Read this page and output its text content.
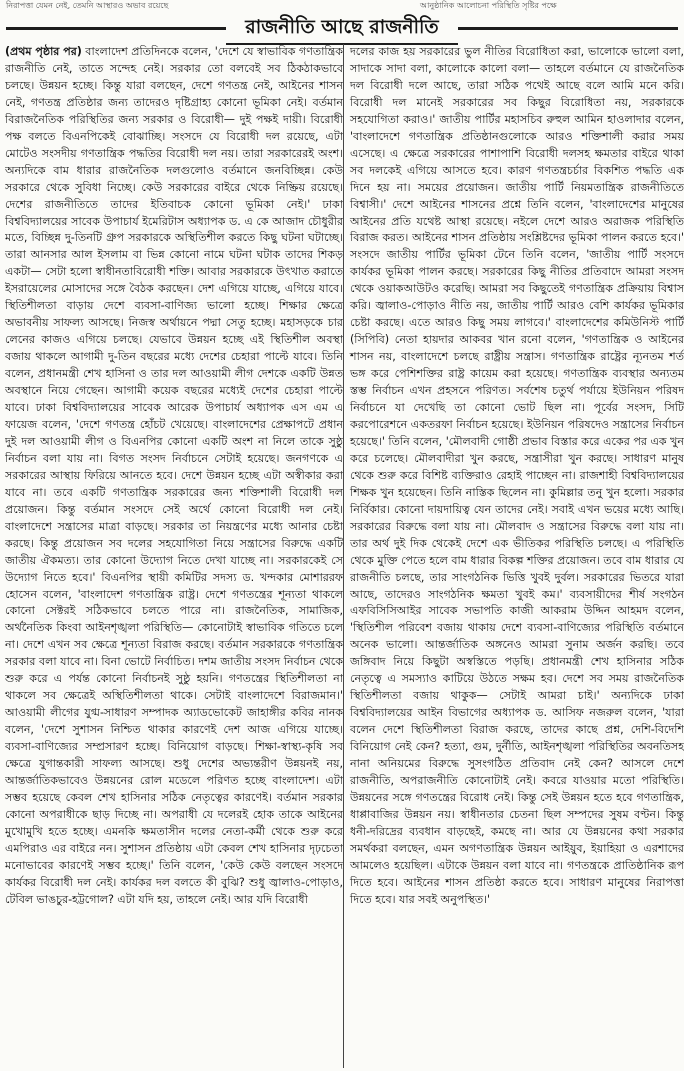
নিরাপত্তা যেমন নেই, তেমনি আস্থারও অভাব রয়েছে	আনুষ্ঠানিক আলোচনা পরিস্থিতি সৃষ্টির পক্ষে
রাজনীতি আছে রাজনীতি

(প্রথম পৃষ্ঠার পর) বাংলাদেশ প্রতিদিনকে বলেন, 'দেশে যে স্বাভাবিক গণতান্ত্রিক রাজনীতি নেই, তাতে সন্দেহ নেই। সরকার তো বলবেই সব ঠিকঠাকভাবে চলছে। উন্নয়ন হচ্ছে। কিন্তু যারা বলছেন, দেশে গণতন্ত্র নেই, আইনের শাসন নেই, গণতন্ত্র প্রতিষ্ঠার জন্য তাদেরও দৃষ্টিগ্রাহ্য কোনো ভূমিকা নেই। বর্তমান বিরাজনৈতিক পরিস্থিতির জন্য সরকার ও বিরোধী— দুই পক্ষই দায়ী। বিরোধী পক্ষ বলতে বিএনপিকেই বোঝাচ্ছি। সংসদে যে বিরোধী দল রয়েছে, এটা মোটেও সংসদীয় গণতান্ত্রিক পদ্ধতির বিরোধী দল নয়। তারা সরকারেরই অংশ। অন্যদিকে বাম ধারার রাজনৈতিক দলগুলোও বর্তমানে জনবিচ্ছিন্ন। কেউ সরকারে থেকে সুবিধা নিচ্ছে। কেউ সরকারের বাইরে থেকে নিষ্ক্রিয় রয়েছে। দেশের রাজনীতিতে তাদের ইতিবাচক কোনো ভূমিকা নেই।' ঢাকা বিশ্ববিদ্যালয়ের সাবেক উপাচার্য ইমেরিটাস অধ্যাপক ড. এ কে আজাদ চৌধুরীর মতে, বিচ্ছিন্ন দু-তিনটি গ্রুপ সরকারকে অস্থিতিশীল করতে কিছু ঘটনা ঘটাচ্ছে। তারা আনসার আল ইসলাম বা ভিন্ন কোনো নামে ঘটনা ঘটাক তাদের শিকড় একটা— সেটা হলো স্বাধীনতাবিরোধী শক্তি। আবার সরকারকে উৎখাত করাতে ইসরায়েলের মোসাদের সঙ্গে বৈঠক করছেন। দেশ এগিয়ে যাচ্ছে, এগিয়ে যাবে। স্থিতিশীলতা বাড়ায় দেশে ব্যবসা-বাণিজ্য ভালো হচ্ছে। শিক্ষার ক্ষেত্রে অভাবনীয় সাফল্য আসছে। নিজস্ব অর্থায়নে পদ্মা সেতু হচ্ছে। মহাসড়কে চার লেনের কাজও এগিয়ে চলছে। যেভাবে উন্নয়ন হচ্ছে এই স্থিতিশীল অবস্থা বজায় থাকলে আগামী দু-তিন বছরের মধ্যে দেশের চেহারা পাল্টে যাবে। তিনি বলেন, প্রধানমন্ত্রী শেখ হাসিনা ও তার দল আওয়ামী লীগ দেশকে একটি উন্নত অবস্থানে নিয়ে গেছেন। আগামী কয়েক বছরের মধ্যেই দেশের চেহারা পাল্টে যাবে। ঢাকা বিশ্ববিদ্যালয়ের সাবেক আরেক উপাচার্য অধ্যাপক এস এম এ ফায়েজ বলেন, 'দেশে গণতন্ত্র হোঁচট খেয়েছে। বাংলাদেশের প্রেক্ষাপটে প্রধান দুই দল আওয়ামী লীগ ও বিএনপির কোনো একটি অংশ না নিলে তাকে সুষ্ঠু নির্বাচন বলা যায় না। বিগত সংসদ নির্বাচনে সেটাই হয়েছে। জনগণকে এ সরকারের আস্থায় ফিরিয়ে আনতে হবে। দেশে উন্নয়ন হচ্ছে এটা অস্বীকার করা যাবে না। তবে একটি গণতান্ত্রিক সরকারের জন্য শক্তিশালী বিরোধী দল প্রয়োজন। কিন্তু বর্তমান সংসদে সেই অর্থে কোনো বিরোধী দল নেই। বাংলাদেশে সন্ত্রাসের মাত্রা বাড়ছে। সরকার তা নিয়ন্ত্রণের মধ্যে আনার চেষ্টা করছে। কিন্তু প্রয়োজন সব দলের সহযোগিতা নিয়ে সন্ত্রাসের বিরুদ্ধে একটি জাতীয় ঐকমত্য। তার কোনো উদ্যোগ নিতে দেখা যাচ্ছে না। সরকারকেই সে উদ্যোগ নিতে হবে।' বিএনপির স্থায়ী কমিটির সদস্য ড. খন্দকার মোশাররফ হোসেন বলেন, 'বাংলাদেশ গণতান্ত্রিক রাষ্ট্র। দেশে গণতন্ত্রের শূন্যতা থাকলে কোনো সেক্টরই সঠিকভাবে চলতে পারে না। রাজনৈতিক, সামাজিক, অর্থনৈতিক কিংবা আইনশৃঙ্খলা পরিস্থিতি— কোনোটাই স্বাভাবিক গতিতে চলে না। দেশে এখন সব ক্ষেত্রে শূন্যতা বিরাজ করছে। বর্তমান সরকারকে গণতান্ত্রিক সরকার বলা যাবে না। বিনা ভোটে নির্বাচিত। দশম জাতীয় সংসদ নির্বাচন থেকে শুরু করে এ পর্যন্ত কোনো নির্বাচনই সুষ্ঠু হয়নি। গণতন্ত্রের স্থিতিশীলতা না থাকলে সব ক্ষেত্রেই অস্থিতিশীলতা থাকে। সেটাই বাংলাদেশে বিরাজমান।' আওয়ামী লীগের যুগ্ম-সাধারণ সম্পাদক অ্যাডভোকেট জাহাঙ্গীর কবির নানক বলেন, 'দেশে সুশাসন নিশ্চিত থাকার কারণেই দেশ আজ এগিয়ে যাচ্ছে। ব্যবসা-বাণিজ্যের সম্প্রসারণ হচ্ছে। বিনিয়োগ বাড়ছে। শিক্ষা-স্বাস্থ্য-কৃষি সব ক্ষেত্রে যুগান্তকারী সাফল্য আসছে। শুধু দেশের অভ্যন্তরীণ উন্নয়নই নয়, আন্তর্জাতিকভাবেও উন্নয়নের রোল মডেলে পরিণত হচ্ছে বাংলাদেশ। এটা সম্ভব হয়েছে কেবল শেখ হাসিনার সঠিক নেতৃত্বের কারণেই। বর্তমান সরকার কোনো অপরাধীকে ছাড় দিচ্ছে না। অপরাধী যে দলেরই হোক তাকে আইনের মুখোমুখি হতে হচ্ছে। এমনকি ক্ষমতাসীন দলের নেতা-কর্মী থেকে শুরু করে এমপিরাও এর বাইরে নন। সুশাসন প্রতিষ্ঠায় এটা কেবল শেখ হাসিনার দৃঢ়চেতা মনোভাবের কারণেই সম্ভব হচ্ছে।' তিনি বলেন, 'কেউ কেউ বলছেন সংসদে কার্যকর বিরোধী দল নেই। কার্যকর দল বলতে কী বুঝি? শুধু জ্বালাও-পোড়াও, টেবিল ভাঙচুর-হট্টগোল? এটা যদি হয়, তাহলে নেই। আর যদি বিরোধী

দলের কাজ হয় সরকারের ভুল নীতির বিরোধিতা করা, ভালোকে ভালো বলা, সাদাকে সাদা বলা, কালোকে কালো বলা— তাহলে বর্তমানে যে রাজনৈতিক দল বিরোধী দলে আছে, তারা সঠিক পথেই আছে বলে আমি মনে করি। বিরোধী দল মানেই সরকারের সব কিছুর বিরোধিতা নয়, সরকারকে সহযোগিতা করাও।' জাতীয় পার্টির মহাসচিব রুহুল আমিন হাওলাদার বলেন, 'বাংলাদেশে গণতান্ত্রিক প্রতিষ্ঠানগুলোকে আরও শক্তিশালী করার সময় এসেছে। এ ক্ষেত্রে সরকারের পাশাপাশি বিরোধী দলসহ ক্ষমতার বাইরে থাকা সব দলকেই এগিয়ে আসতে হবে। কারণ গণতন্ত্রচর্চার বিকশিত পদ্ধতি এক দিনে হয় না। সময়ের প্রয়োজন। জাতীয় পার্টি নিয়মতান্ত্রিক রাজনীতিতে বিশ্বাসী।' দেশে আইনের শাসনের প্রশ্নে তিনি বলেন, 'বাংলাদেশের মানুষের আইনের প্রতি যথেষ্ট আস্থা রয়েছে। নইলে দেশে আরও অরাজক পরিস্থিতি বিরাজ করত। আইনের শাসন প্রতিষ্ঠায় সংশ্লিষ্টদের ভূমিকা পালন করতে হবে।' সংসদে জাতীয় পার্টির ভূমিকা টেনে তিনি বলেন, 'জাতীয় পার্টি সংসদে কার্যকর ভূমিকা পালন করছে। সরকারের কিছু নীতির প্রতিবাদে আমরা সংসদ থেকে ওয়াকআউটও করেছি। আমরা সব কিছুতেই গণতান্ত্রিক প্রক্রিয়ায় বিশ্বাস করি। জ্বালাও-পোড়াও নীতি নয়, জাতীয় পার্টি আরও বেশি কার্যকর ভূমিকার চেষ্টা করছে। এতে আরও কিছু সময় লাগবে।' বাংলাদেশের কমিউনিস্ট পার্টি (সিপিবি) নেতা হায়দার আকবর খান রনো বলেন, 'গণতান্ত্রিক ও আইনের শাসন নয়, বাংলাদেশে চলছে রাষ্ট্রীয় সন্ত্রাস। গণতান্ত্রিক রাষ্ট্রের ন্যূনতম শর্ত ভঙ্গ করে পেশিশক্তির রাষ্ট্র কায়েম করা হয়েছে। গণতান্ত্রিক ব্যবস্থার অন্যতম স্তম্ভ নির্বাচন এখন প্রহসনে পরিণত। সর্বশেষ চতুর্থ পর্যায়ে ইউনিয়ন পরিষদ নির্বাচনে যা দেখেছি তা কোনো ভোট ছিল না। পূর্বের সংসদ, সিটি করপোরেশনে একতরফা নির্বাচন হয়েছে। ইউনিয়ন পরিষদেও সন্ত্রাসের নির্বাচন হয়েছে।' তিনি বলেন, 'মৌলবাদী গোষ্ঠী প্রভাব বিস্তার করে একের পর এক খুন করে চলেছে। মৌলবাদীরা খুন করছে, সন্ত্রাসীরা খুন করছে। সাধারণ মানুষ থেকে শুরু করে বিশিষ্ট ব্যক্তিরাও রেহাই পাচ্ছেন না। রাজশাহী বিশ্ববিদ্যালয়ের শিক্ষক খুন হয়েছেন। তিনি নাস্তিক ছিলেন না। কুমিল্লার তনু খুন হলো। সরকার নির্বিকার। কোনো দায়দায়িত্ব যেন তাদের নেই। সবাই এখন ভয়ের মধ্যে আছি। সরকারের বিরুদ্ধে বলা যায় না। মৌলবাদ ও সন্ত্রাসের বিরুদ্ধে বলা যায় না। তার অর্থ দুই দিক থেকেই দেশে এক ভীতিকর পরিস্থিতি চলছে। এ পরিস্থিতি থেকে মুক্তি পেতে হলে বাম ধারার বিকল্প শক্তির প্রয়োজন। তবে বাম ধারার যে রাজনীতি চলছে, তার সাংগঠনিক ভিত্তি খুবই দুর্বল। সরকারের ভিতরে যারা আছে, তাদেরও সাংগঠনিক ক্ষমতা খুবই কম।' ব্যবসায়ীদের শীর্ষ সংগঠন এফবিসিসিআইর সাবেক সভাপতি কাজী আকরাম উদ্দিন আহমদ বলেন, 'স্থিতিশীল পরিবেশ বজায় থাকায় দেশে ব্যবসা-বাণিজ্যের পরিস্থিতি বর্তমানে অনেক ভালো। আন্তর্জাতিক অঙ্গনেও আমরা সুনাম অর্জন করছি। তবে জঙ্গিবাদ নিয়ে কিছুটা অস্বস্তিতে পড়ছি। প্রধানমন্ত্রী শেখ হাসিনার সঠিক নেতৃত্বে এ সমস্যাও কাটিয়ে উঠতে সক্ষম হব। দেশে সব সময় রাজনৈতিক স্থিতিশীলতা বজায় থাকুক— সেটাই আমরা চাই।' অন্যদিকে ঢাকা বিশ্ববিদ্যালয়ের আইন বিভাগের অধ্যাপক ড. আসিফ নজরুল বলেন, 'যারা বলেন দেশে স্থিতিশীলতা বিরাজ করছে, তাদের কাছে প্রশ্ন, দেশি-বিদেশি বিনিয়োগ নেই কেন? হত্যা, গুম, দুর্নীতি, আইনশৃঙ্খলা পরিস্থিতির অবনতিসহ নানা অনিয়মের বিরুদ্ধে সুসংগঠিত প্রতিবাদ নেই কেন? আসলে দেশে রাজনীতি, অপরাজনীতি কোনোটাই নেই। কবরে যাওয়ার মতো পরিস্থিতি। উন্নয়নের সঙ্গে গণতন্ত্রের বিরোধ নেই। কিন্তু সেই উন্নয়ন হতে হবে গণতান্ত্রিক, ধাপ্পাবাজির উন্নয়ন নয়। স্বাধীনতার চেতনা ছিল সম্পদের সুষম বণ্টন। কিন্তু ধনী-দরিদ্রের ব্যবধান বাড়ছেই, কমছে না। আর যে উন্নয়নের কথা সরকার সমর্থকরা বলছেন, এমন অগণতান্ত্রিক উন্নয়ন আইয়ুব, ইয়াহিয়া ও এরশাদের আমলেও হয়েছিল। এটাকে উন্নয়ন বলা যাবে না। গণতন্ত্রকে প্রাতিষ্ঠানিক রূপ দিতে হবে। আইনের শাসন প্রতিষ্ঠা করতে হবে। সাধারণ মানুষের নিরাপত্তা দিতে হবে। যার সবই অনুপস্থিত।'
